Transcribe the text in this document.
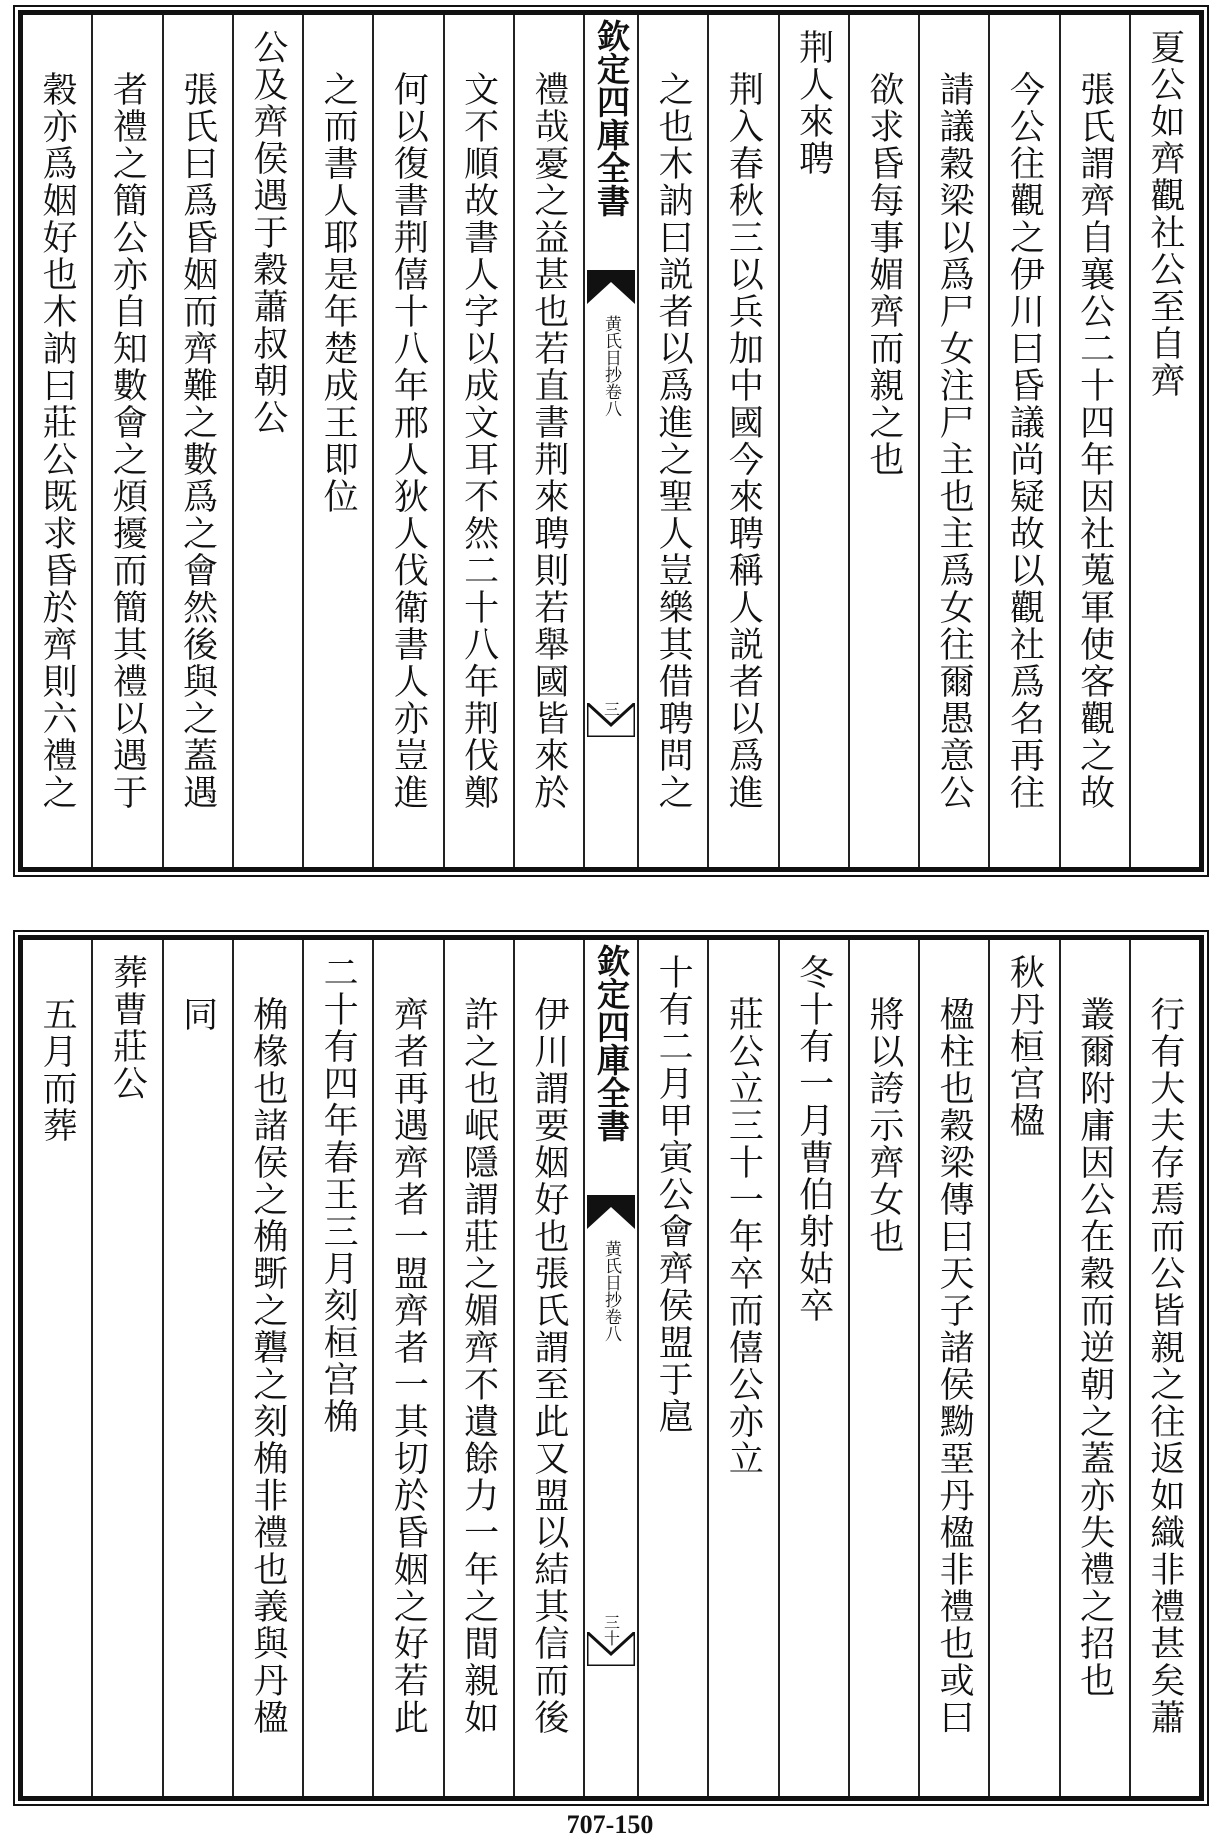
夏公如齊觀社公至自齊
張氏謂齊自襄公二十四年因社蒐軍使客觀之故
今公往觀之伊川曰昏議尚疑故以觀社爲名再往
請議穀梁以爲尸女注尸主也主爲女往爾愚意公
欲求昏每事媚齊而親之也
荆人來聘
荆入春秋三以兵加中國今來聘稱人説者以爲進
之也木訥曰説者以爲進之聖人豈樂其借聘問之
欽定四庫全書
黄氏日抄卷八
三
禮哉憂之益甚也若直書荆來聘則若舉國皆來於
文不順故書人字以成文耳不然二十八年荆伐鄭
何以復書荆僖十八年邢人狄人伐衛書人亦豈進
之而書人耶是年楚成王即位
公及齊侯遇于穀蕭叔朝公
張氏曰爲昏姻而齊難之數爲之會然後與之蓋遇
者禮之簡公亦自知數會之煩擾而簡其禮以遇于
穀亦爲姻好也木訥曰莊公既求昏於齊則六禮之
行有大夫存焉而公皆親之往返如織非禮甚矣蕭
叢爾附庸因公在穀而逆朝之蓋亦失禮之招也
秋丹桓宫楹
楹柱也穀梁傳曰天子諸侯黝堊丹楹非禮也或曰
將以誇示齊女也
冬十有一月曹伯射姑卒
莊公立三十一年卒而僖公亦立
十有二月甲寅公會齊侯盟于扈
欽定四庫全書
黄氏日抄卷八
三十
伊川謂要姻好也張氏謂至此又盟以結其信而後
許之也岷隱謂莊之媚齊不遺餘力一年之間親如
齊者再遇齊者一盟齊者一其切於昏姻之好若此
二十有四年春王三月刻桓宫桷
桷椽也諸侯之桷斲之礱之刻桷非禮也義與丹楹
同
葬曹莊公
五月而葬
707-150
